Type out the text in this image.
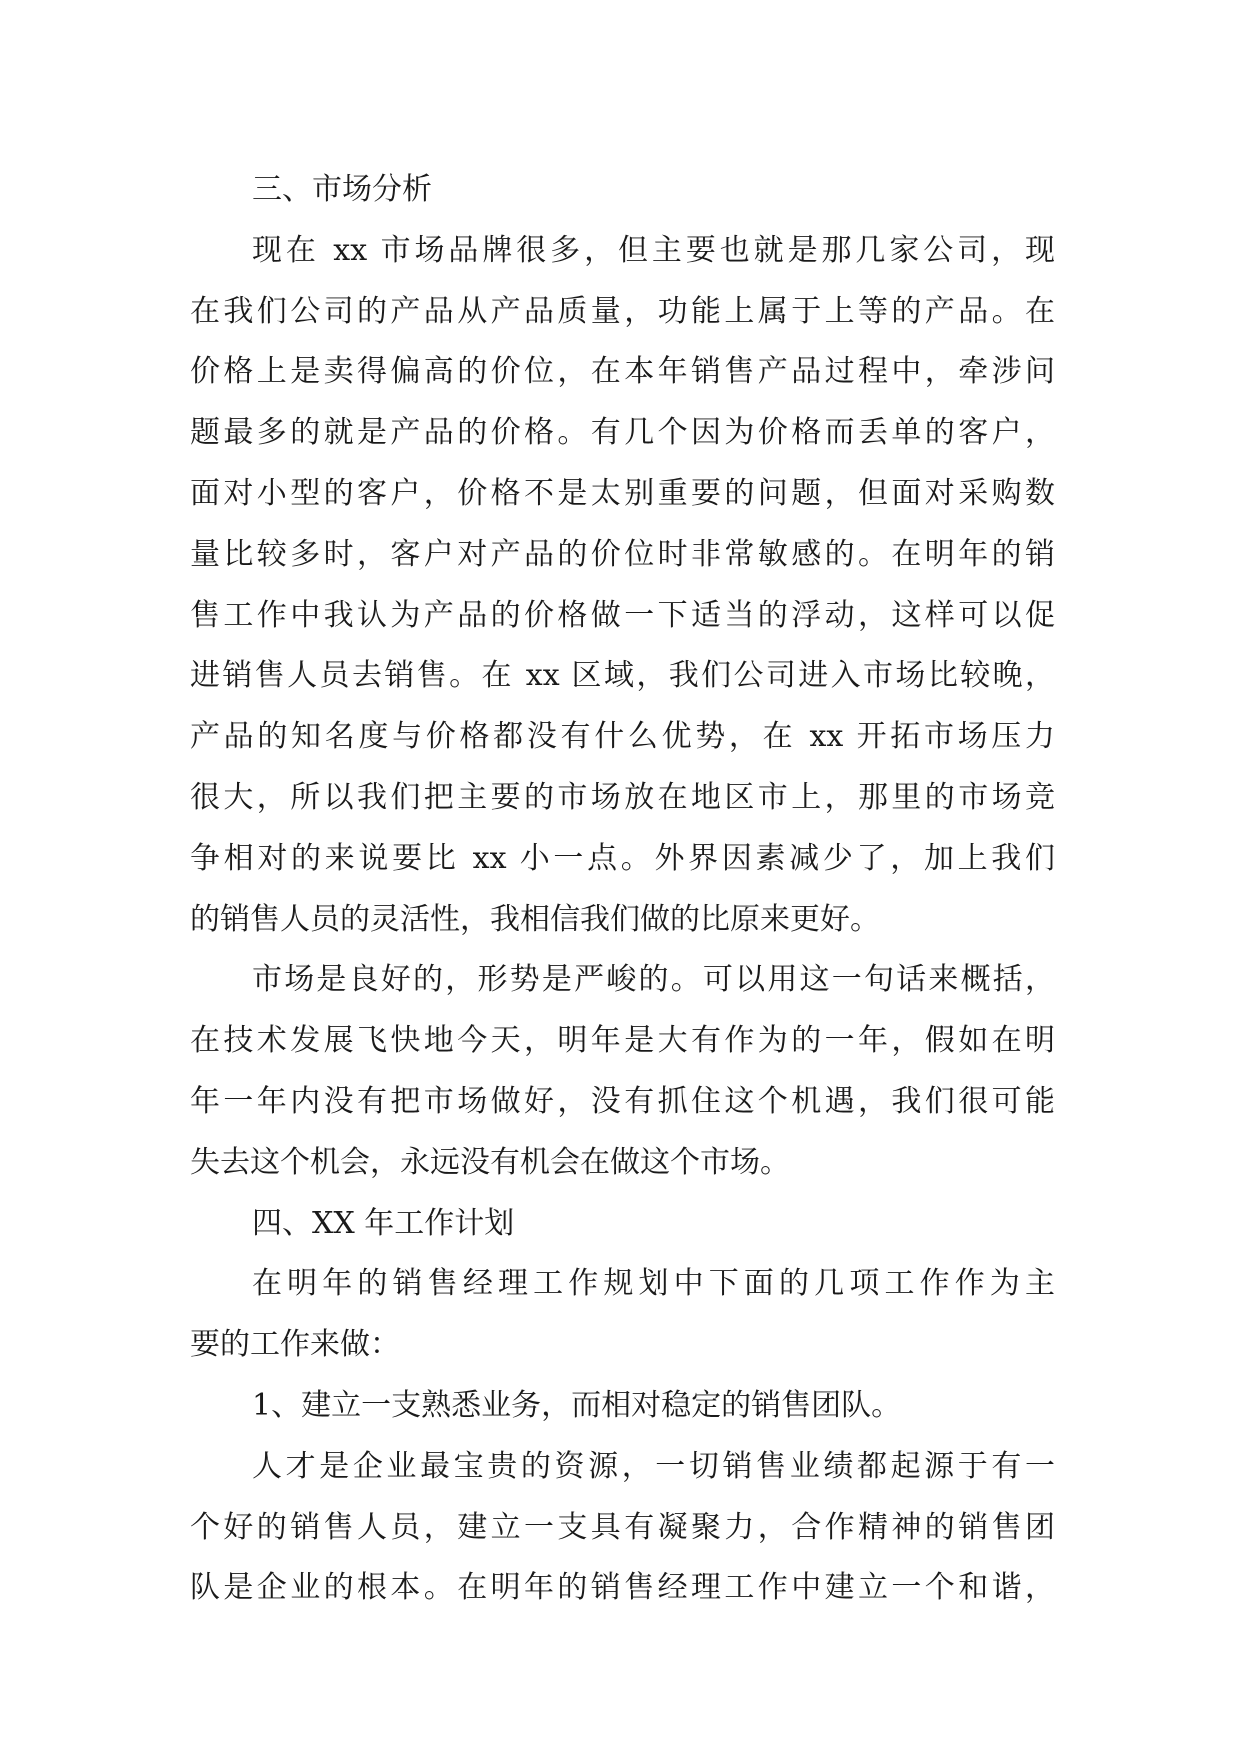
三、市场分析
现在 xx 市场品牌很多，但主要也就是那几家公司，现
在我们公司的产品从产品质量，功能上属于上等的产品。在
价格上是卖得偏高的价位，在本年销售产品过程中，牵涉问
题最多的就是产品的价格。有几个因为价格而丢单的客户，
面对小型的客户，价格不是太别重要的问题，但面对采购数
量比较多时，客户对产品的价位时非常敏感的。在明年的销
售工作中我认为产品的价格做一下适当的浮动，这样可以促
进销售人员去销售。在 xx 区域，我们公司进入市场比较晚，
产品的知名度与价格都没有什么优势，在 xx 开拓市场压力
很大，所以我们把主要的市场放在地区市上，那里的市场竞
争相对的来说要比 xx 小一点。外界因素减少了，加上我们
的销售人员的灵活性，我相信我们做的比原来更好。
市场是良好的，形势是严峻的。可以用这一句话来概括，
在技术发展飞快地今天，明年是大有作为的一年，假如在明
年一年内没有把市场做好，没有抓住这个机遇，我们很可能
失去这个机会，永远没有机会在做这个市场。
四、XX 年工作计划
在明年的销售经理工作规划中下面的几项工作作为主
要的工作来做：
1、建立一支熟悉业务，而相对稳定的销售团队。
人才是企业最宝贵的资源，一切销售业绩都起源于有一
个好的销售人员，建立一支具有凝聚力，合作精神的销售团
队是企业的根本。在明年的销售经理工作中建立一个和谐，
